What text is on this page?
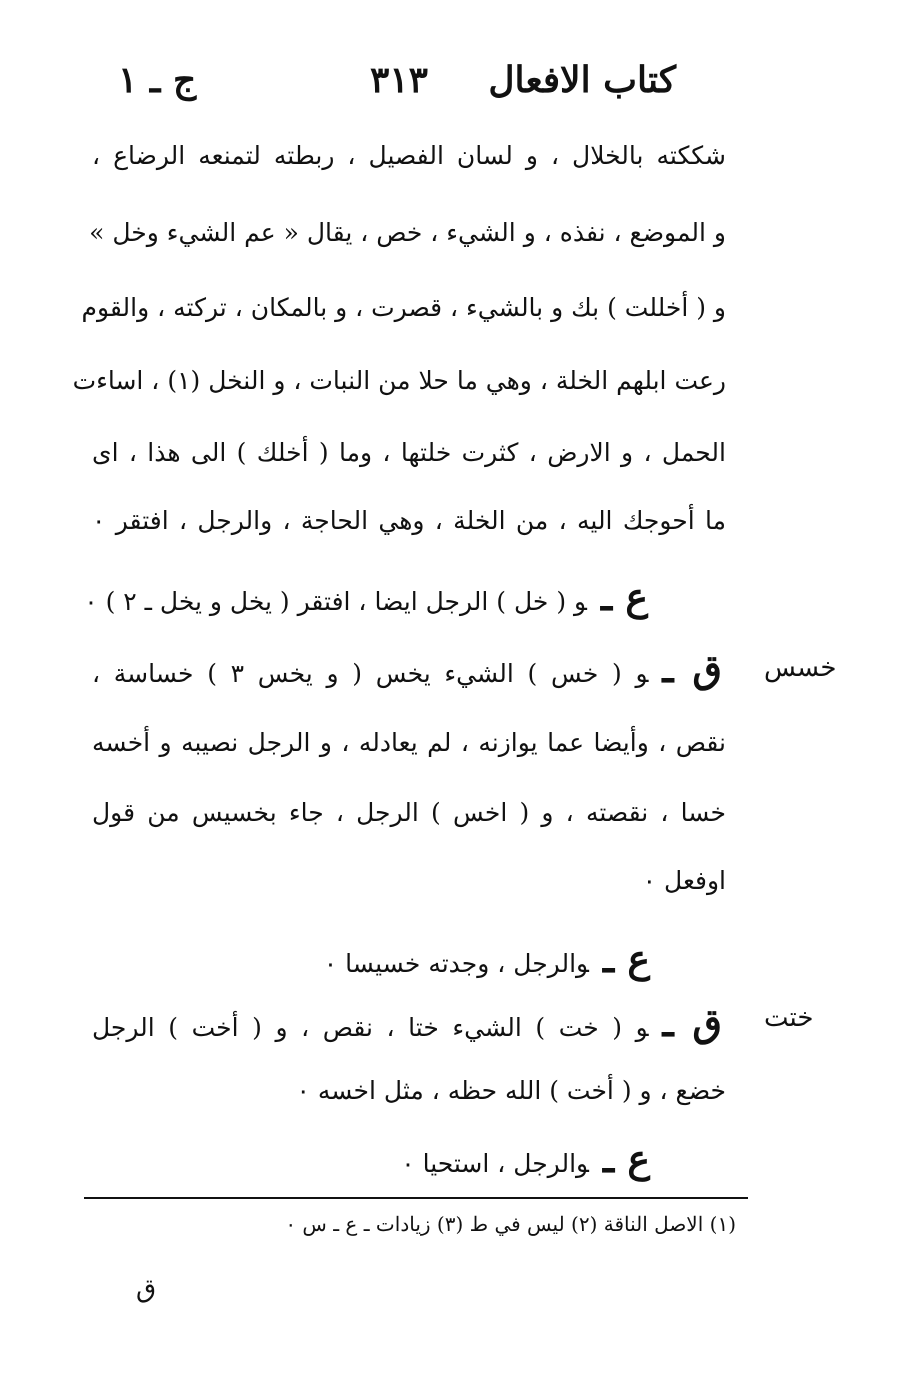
كتاب الافعال
٣١٣
ج ـ ١
شككته بالخلال ، و لسان الفصيل ، ربطته لتمنعه الرضاع ،
و الموضع ، نفذه ، و الشيء ، خص ، يقال « عم الشيء وخل »
و ( أخللت ) بك و بالشيء ، قصرت ، و بالمكان ، تركته ، والقوم
رعت ابلهم الخلة ، وهي ما حلا من النبات ، و النخل (١) ، اساءت
الحمل ، و الارض ، كثرت خلتها ، وما ( أخلك ) الى هذا ، اى
ما أحوجك اليه ، من الخلة ، وهي الحاجة ، والرجل ، افتقر ٠
ع ـو ( خل ) الرجل ايضا ، افتقر ( يخل و يخل ـ ٢ ) ٠
خسس
ق ـو ( خس ) الشيء يخس ( و يخس ٣ ) خساسة ،
نقص ، وأيضا عما يوازنه ، لم يعادله ، و الرجل نصيبه و أخسه
خسا ، نقصته ، و ( اخس ) الرجل ، جاء بخسيس من قول
اوفعل ٠
ع ـوالرجل ، وجدته خسيسا ٠
ختت
ق ـو ( خت ) الشيء ختا ، نقص ، و ( أخت ) الرجل
خضع ، و ( أخت ) الله حظه ، مثل اخسه ٠
ع ـوالرجل ، استحيا ٠
(١) الاصل الناقة (٢) ليس في ط (٣) زيادات ـ ع ـ س ٠
ق
